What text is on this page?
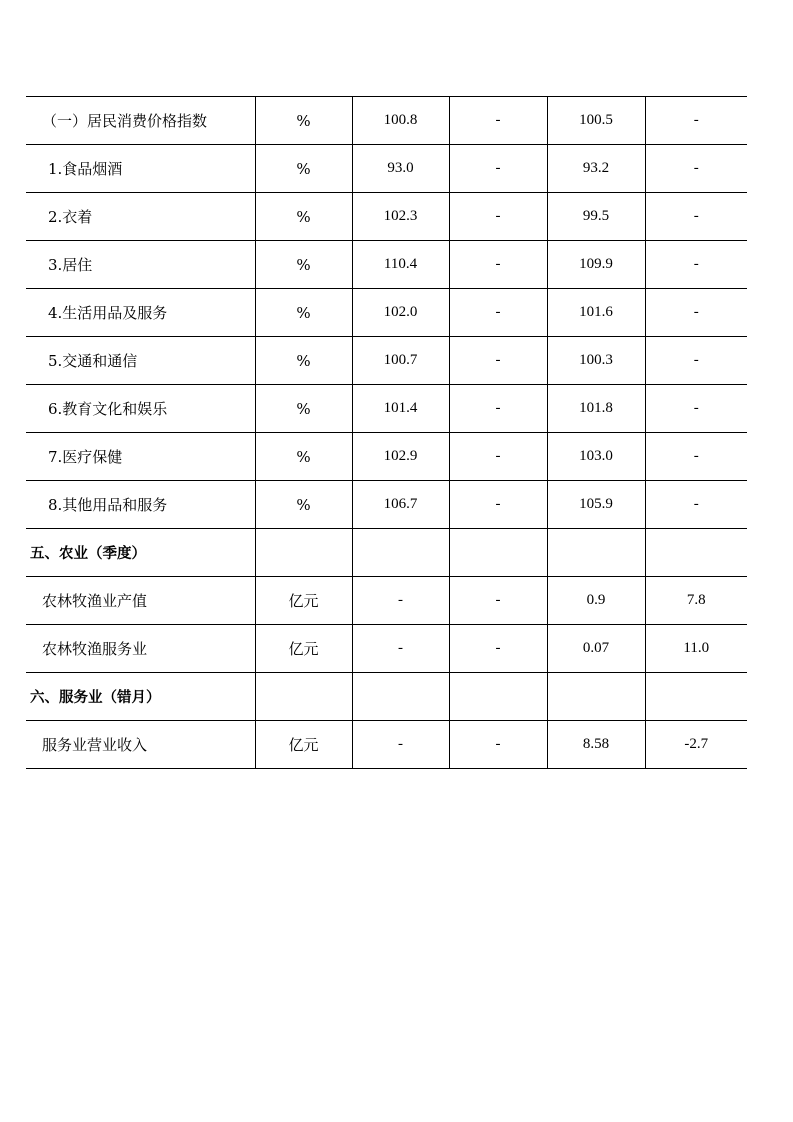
（一）居民消费价格指数	%	100.8	-	100.5	-
1.食品烟酒	%	93.0	-	93.2	-
2.衣着	%	102.3	-	99.5	-
3.居住	%	110.4	-	109.9	-
4.生活用品及服务	%	102.0	-	101.6	-
5.交通和通信	%	100.7	-	100.3	-
6.教育文化和娱乐	%	101.4	-	101.8	-
7.医疗保健	%	102.9	-	103.0	-
8.其他用品和服务	%	106.7	-	105.9	-
五、农业（季度）					
农林牧渔业产值	亿元	-	-	0.9	7.8
农林牧渔服务业	亿元	-	-	0.07	11.0
六、服务业（错月）					
服务业营业收入	亿元	-	-	8.58	-2.7
